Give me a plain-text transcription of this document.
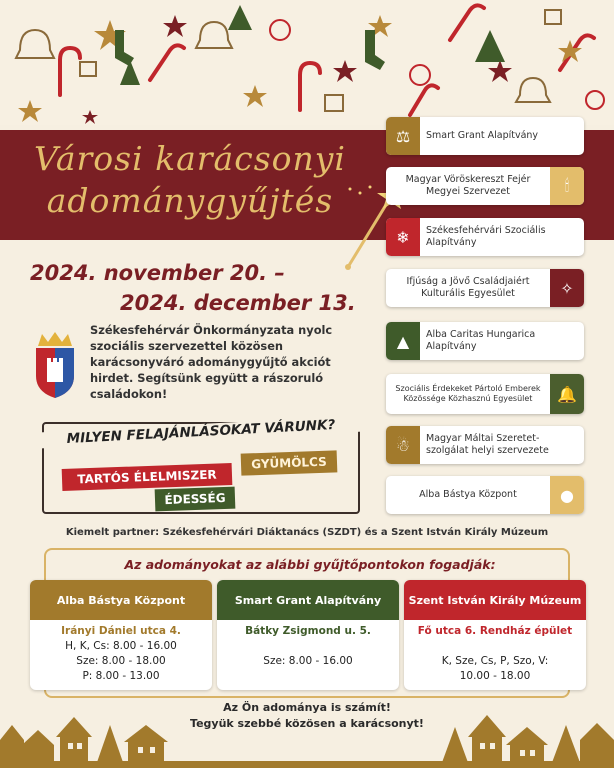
Városi karácsonyi
adománygyűjtés
2024. november 20. –
2024. december 13.
Székesfehérvár Önkormányzata nyolc szociális szervezettel közösen karácsonyváró adománygyűjtő akciót hirdet. Segítsünk együtt a rászoruló családokon!
MILYEN FELAJÁNLÁSOKAT VÁRUNK?
TARTÓS ÉLELMISZER
GYÜMÖLCS
ÉDESSÉG
⚖	Smart Grant Alapítvány
🕯
Magyar Vöröskereszt Fejér Megyei Szervezet
❄	Székesfehérvári Szociális Alapítvány
✧
Ifjúság a Jövő Családjaiért Kulturális Egyesület
▲	Alba Caritas Hungarica Alapítvány
🔔
Szociális Érdekeket Pártoló Emberek Közössége Közhasznú Egyesület
☃	Magyar Máltai Szeretet-szolgálat helyi szervezete
●
Alba Bástya Központ
Kiemelt partner: Székesfehérvári Diáktanács (SZDT) és a Szent István Király Múzeum
Az adományokat az alábbi gyűjtőpontokon fogadják:
Alba Bástya Központ
Irányi Dániel utca 4.
H, K, Cs: 8.00 - 16.00
Sze: 8.00 - 18.00
P: 8.00 - 13.00
Smart Grant Alapítvány
Bátky Zsigmond u. 5.
Sze: 8.00 - 16.00
Szent István Király Múzeum
Fő utca 6. Rendház épület
K, Sze, Cs, P, Szo, V:
10.00 - 18.00
Az Ön adománya is számít!
Tegyük szebbé közösen a karácsonyt!
